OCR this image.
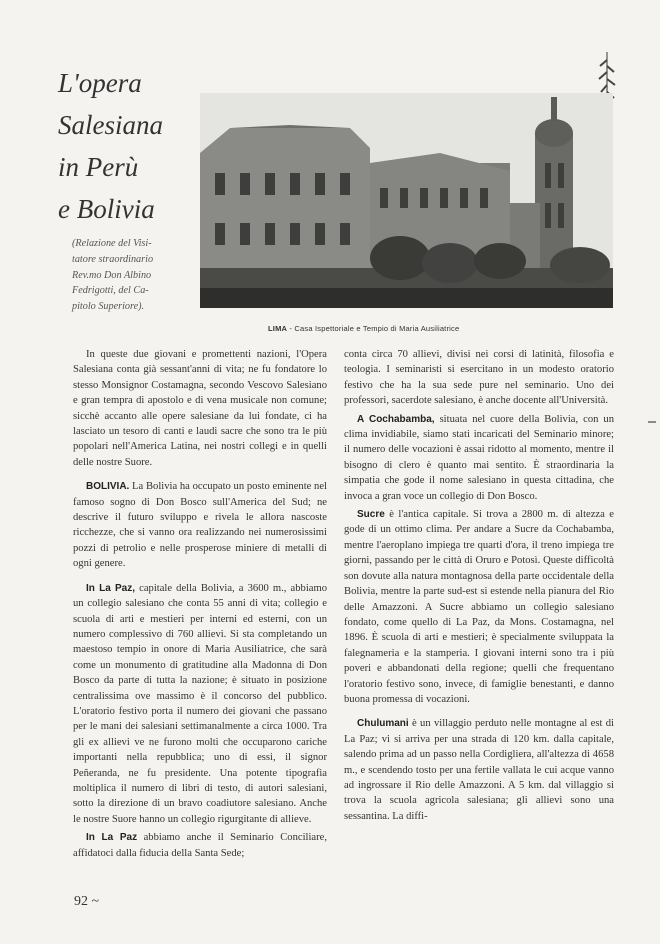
L'opera
Salesiana
in Perù
e Bolivia
(Relazione del Visi-
tatore straordinario
Rev.mo Don Albino
Fedrigotti, del Ca-
pitolo Superiore).
LIMA - Casa Ispettoriale e Tempio di Maria Ausiliatrice

In queste due giovani e promettenti nazioni, l'Opera Salesiana conta già sessant'anni di vita; ne fu fondatore lo stesso Monsignor Costamagna, secondo Vescovo Salesiano e gran tempra di apostolo e di vena musicale non comune; sicchè accanto alle opere salesiane da lui fondate, ci ha lasciato un tesoro di canti e laudi sacre che sono tra le più popolari nell'America Latina, nei nostri collegi e in quelli delle nostre Suore.

BOLIVIA. La Bolivia ha occupato un posto eminente nel famoso sogno di Don Bosco sull'America del Sud; ne descrive il futuro sviluppo e rivela le allora nascoste ricchezze, che si vanno ora realizzando nei numerosissimi pozzi di petrolio e nelle prosperose miniere di metalli di ogni genere.

In La Paz, capitale della Bolivia, a 3600 m., abbiamo un collegio salesiano che conta 55 anni di vita; collegio e scuola di arti e mestieri per interni ed esterni, con un numero complessivo di 760 allievi. Si sta completando un maestoso tempio in onore di Maria Ausiliatrice, che sarà come un monumento di gratitudine alla Madonna di Don Bosco da parte di tutta la nazione; è situato in posizione centralissima ove massimo è il concorso del pubblico. L'oratorio festivo porta il numero dei giovani che passano per le mani dei salesiani settimanalmente a circa 1000. Tra gli ex allievi ve ne furono molti che occuparono cariche importanti nella repubblica; uno di essi, il signor Peñeranda, ne fu presidente. Una potente tipografia moltiplica il numero di libri di testo, di autori salesiani, sotto la direzione di un bravo coadiutore salesiano. Anche le nostre Suore hanno un collegio rigurgitante di allieve.

In La Paz abbiamo anche il Seminario Conciliare, affidatoci dalla fiducia della Santa Sede;

conta circa 70 allievi, divisi nei corsi di latinità, filosofia e teologia. I seminaristi si esercitano in un modesto oratorio festivo che ha la sua sede pure nel seminario. Uno dei professori, sacerdote salesiano, è anche docente all'Università.

A Cochabamba, situata nel cuore della Bolivia, con un clima invidiabile, siamo stati incaricati del Seminario minore; il numero delle vocazioni è assai ridotto al momento, mentre il bisogno di clero è quanto mai sentito. È straordinaria la simpatia che gode il nome salesiano in questa cittadina, che invoca a gran voce un collegio di Don Bosco.

Sucre è l'antica capitale. Si trova a 2800 m. di altezza e gode di un ottimo clima. Per andare a Sucre da Cochabamba, mentre l'aeroplano impiega tre quarti d'ora, il treno impiega tre giorni, passando per le città di Oruro e Potosì. Queste difficoltà son dovute alla natura montagnosa della parte occidentale della Bolivia, mentre la parte sud-est si estende nella pianura del Rio delle Amazzoni. A Sucre abbiamo un collegio salesiano fondato, come quello di La Paz, da Mons. Costamagna, nel 1896. È scuola di arti e mestieri; è specialmente sviluppata la falegnameria e la stamperia. I giovani interni sono tra i più poveri e abbandonati della regione; quelli che frequentano l'oratorio festivo sono, invece, di famiglie benestanti, e danno buona promessa di vocazioni.

Chulumani è un villaggio perduto nelle montagne al est di La Paz; vi si arriva per una strada di 120 km. dalla capitale, salendo prima ad un passo nella Cordigliera, all'altezza di 4658 m., e scendendo tosto per una fertile vallata le cui acque vanno ad ingrossare il Rio delle Amazzoni. A 5 km. dal villaggio si trova la scuola agricola salesiana; gli allievi sono una sessantina. La diffi-

92 ~
